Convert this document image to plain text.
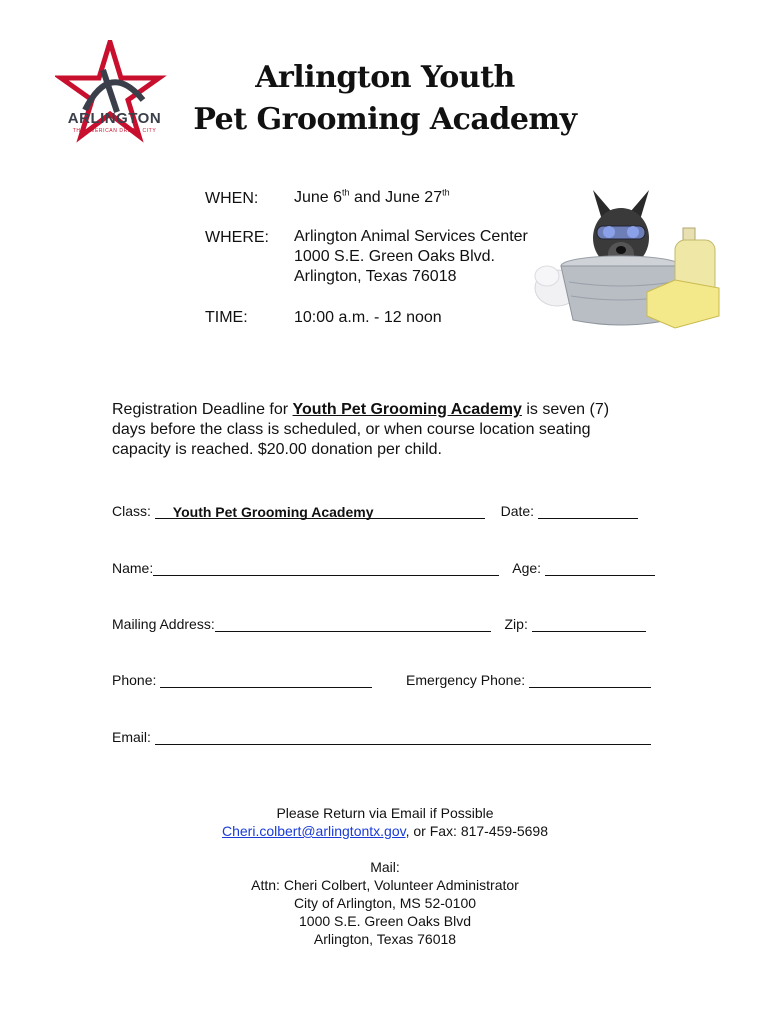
ARLINGTON
THE AMERICAN DREAM CITY
Arlington Youth
Pet Grooming Academy
WHEN: June 6th and June 27th
WHERE: Arlington Animal Services Center
1000 S.E. Green Oaks Blvd.
Arlington, Texas 76018
TIME:	10:00 a.m. - 12 noon
Registration Deadline for Youth Pet Grooming Academy is seven (7) days before the class is scheduled, or when course location seating capacity is reached. $20.00 donation per child.
Class: Youth Pet Grooming Academy	Date:
Name:	Age:
Mailing Address:	Zip:
Phone:	Emergency Phone:
Email:
Please Return via Email if Possible
Cheri.colbert@arlingtontx.gov, or Fax: 817-459-5698
Mail:
Attn: Cheri Colbert, Volunteer Administrator
City of Arlington, MS 52-0100
1000 S.E. Green Oaks Blvd
Arlington, Texas 76018
